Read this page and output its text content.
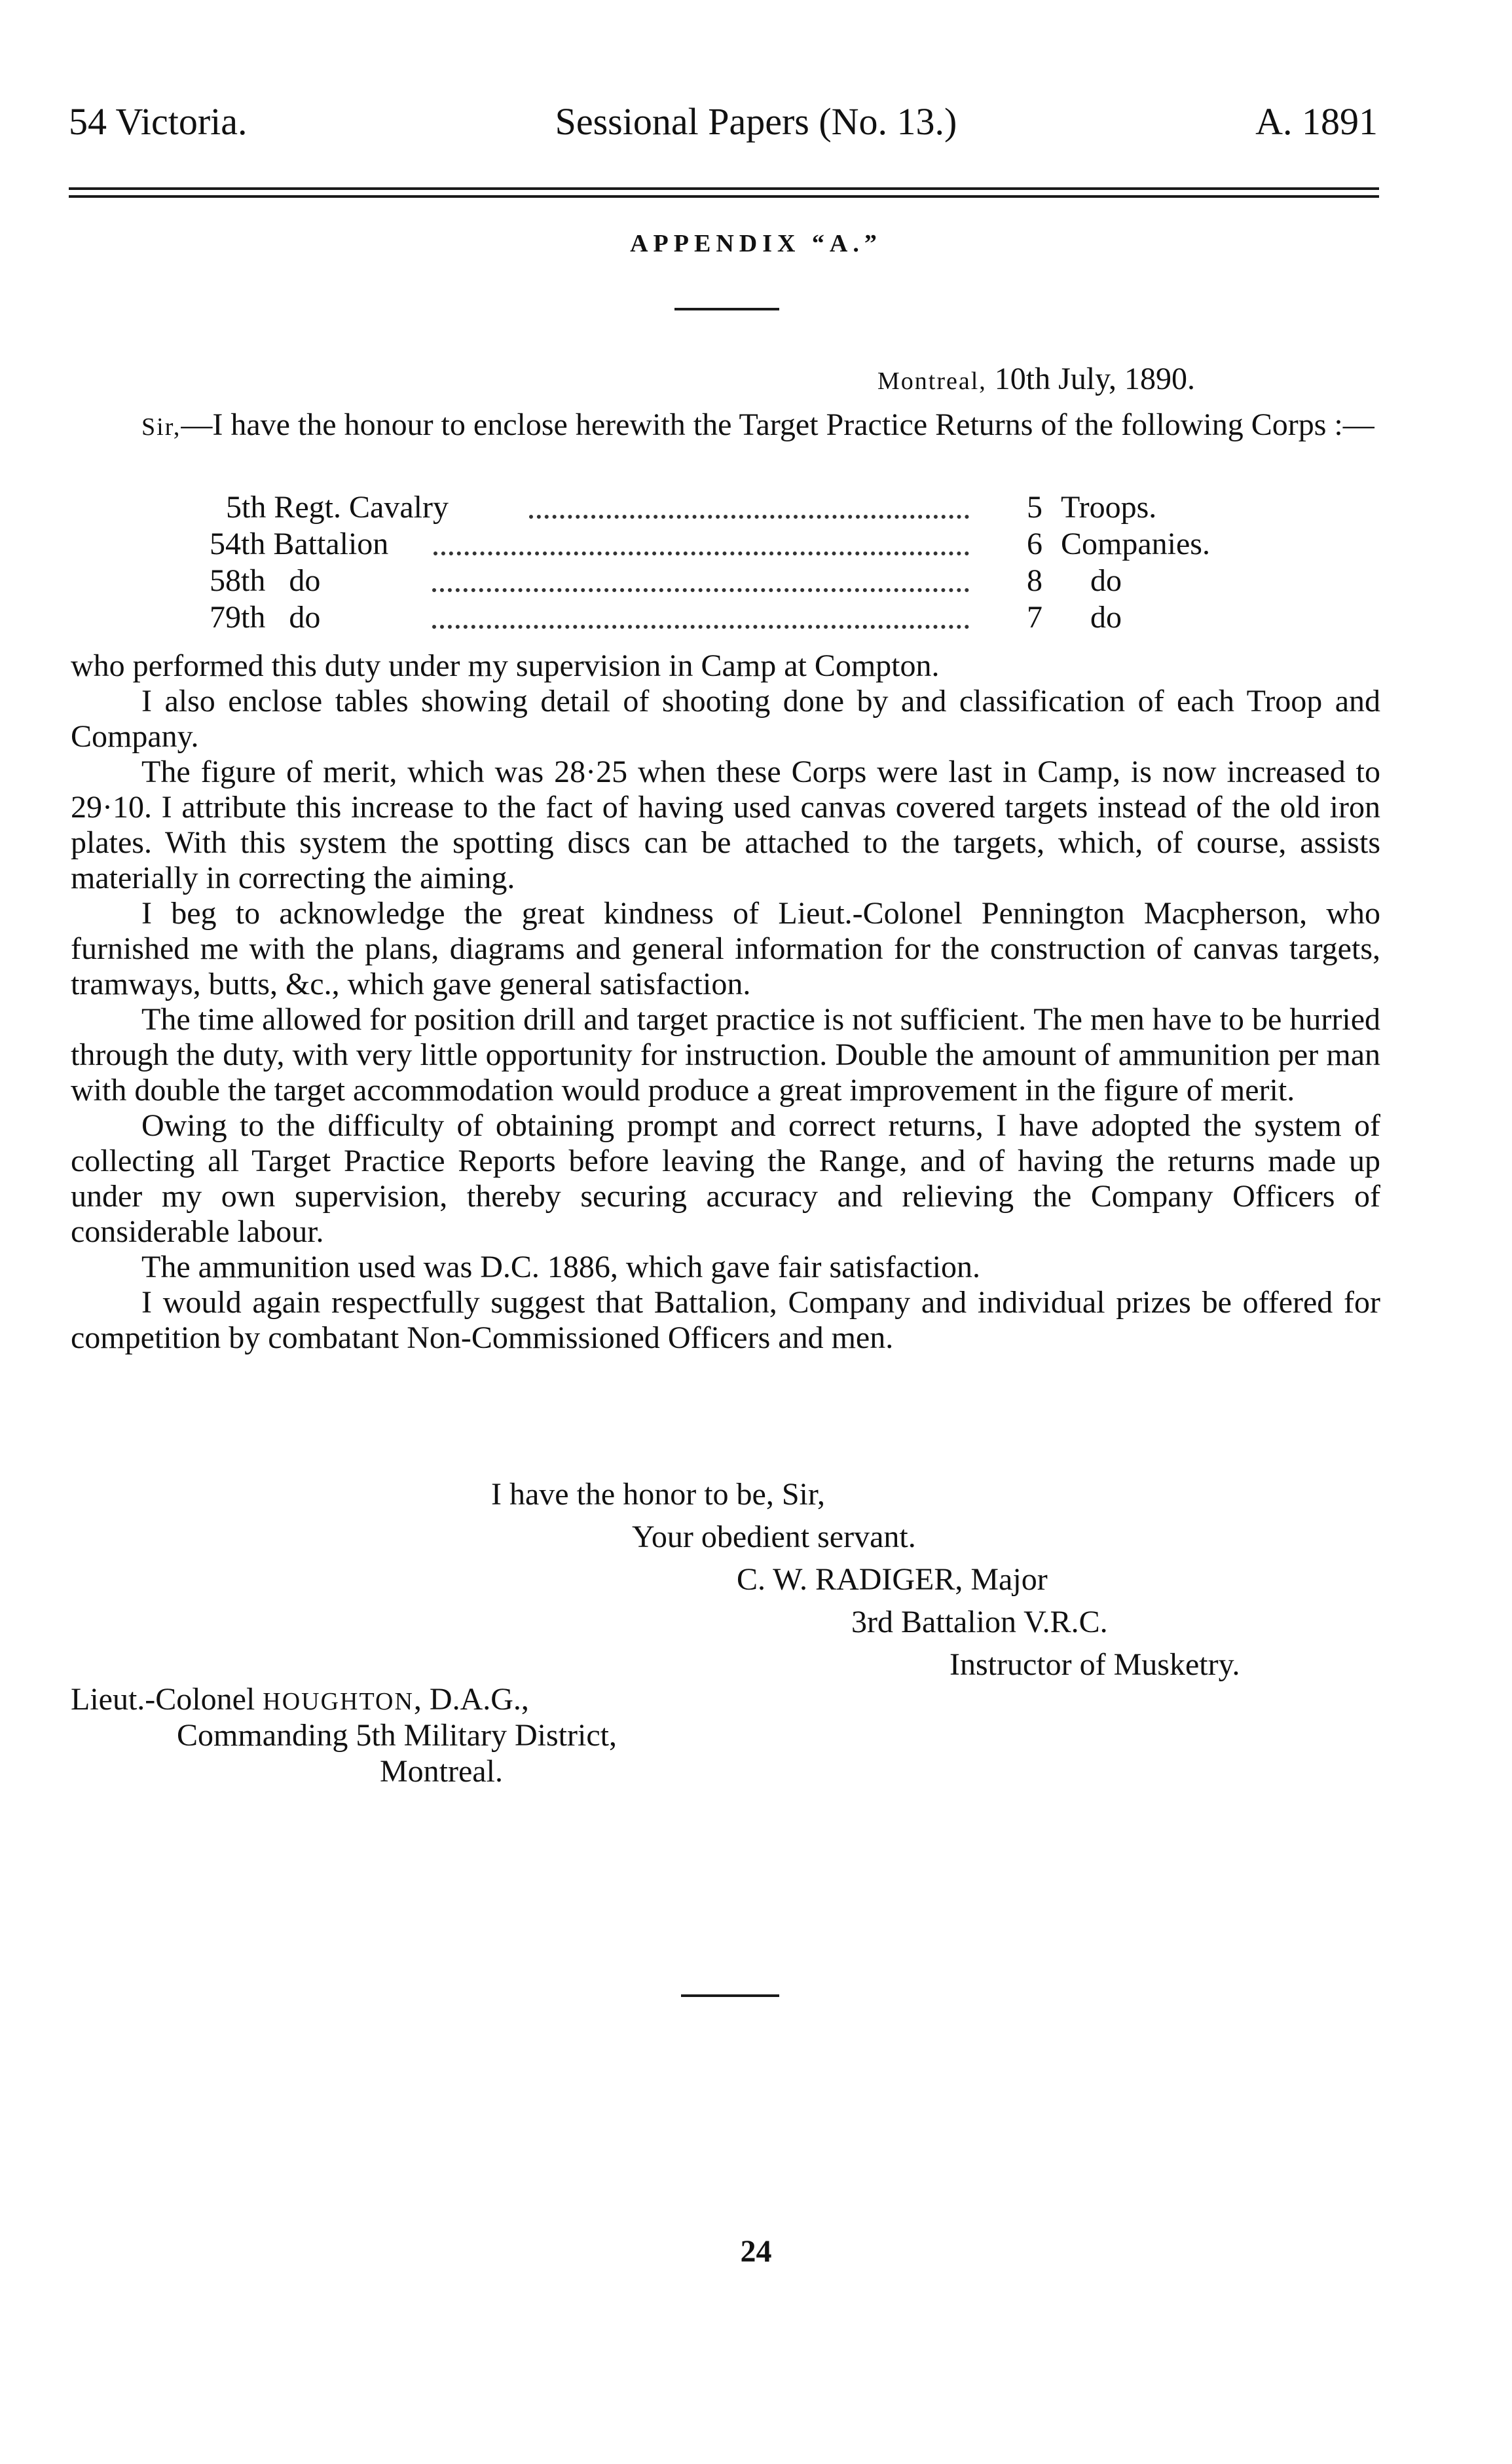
54 Victoria.	Sessional Papers (No. 13.)	A. 1891
APPENDIX “A.”
Montreal, 10th July, 1890.

Sir,—I have the honour to enclose herewith the Target Practice Returns of the following Corps :—

5th Regt. Cavalry	5 Troops.
54th Battalion	6 Companies.
58th   do	8 do
79th   do	7 do

who performed this duty under my supervision in Camp at Compton.

I also enclose tables showing detail of shooting done by and classification of each Troop and Company.

The figure of merit, which was 28·25 when these Corps were last in Camp, is now increased to 29·10. I attribute this increase to the fact of having used canvas covered targets instead of the old iron plates. With this system the spotting discs can be attached to the targets, which, of course, assists materially in correcting the aiming.

I beg to acknowledge the great kindness of Lieut.-Colonel Pennington Macpherson, who furnished me with the plans, diagrams and general information for the construction of canvas targets, tramways, butts, &c., which gave general satisfaction.

The time allowed for position drill and target practice is not sufficient. The men have to be hurried through the duty, with very little opportunity for instruction. Double the amount of ammunition per man with double the target accommodation would produce a great improvement in the figure of merit.

Owing to the difficulty of obtaining prompt and correct returns, I have adopted the system of collecting all Target Practice Reports before leaving the Range, and of having the returns made up under my own supervision, thereby securing accuracy and relieving the Company Officers of considerable labour.

The ammunition used was D.C. 1886, which gave fair satisfaction.

I would again respectfully suggest that Battalion, Company and individual prizes be offered for competition by combatant Non-Commissioned Officers and men.

I have the honor to be, Sir,
Your obedient servant.
C. W. RADIGER, Major
3rd Battalion V.R.C.
Instructor of Musketry.
Lieut.-Colonel HOUGHTON, D.A.G.,
Commanding 5th Military District,
Montreal.
24
